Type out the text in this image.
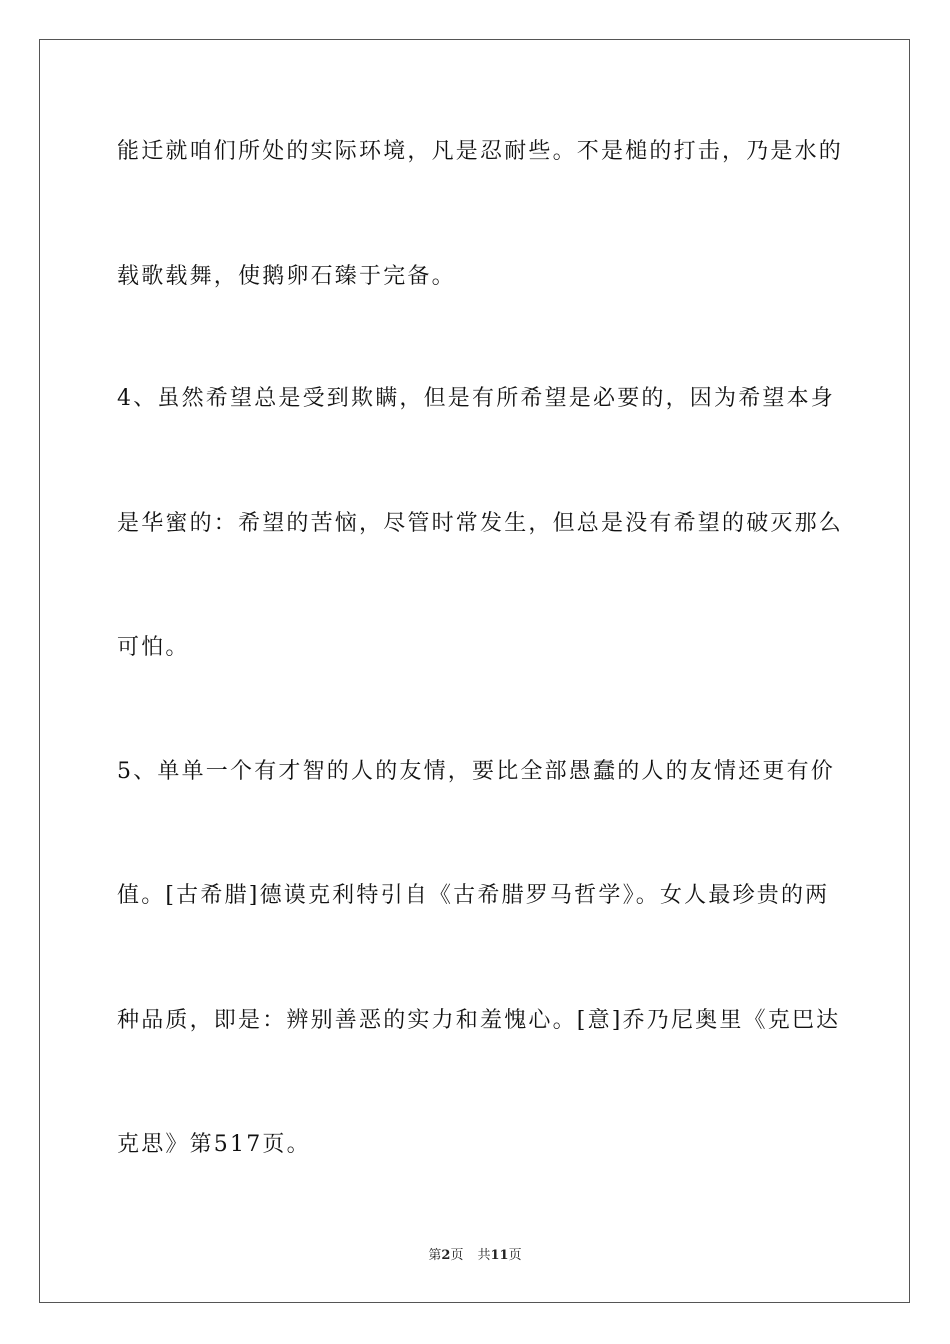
能迁就咱们所处的实际环境，凡是忍耐些。不是槌的打击，乃是水的
载歌载舞，使鹅卵石臻于完备。
4、虽然希望总是受到欺瞒，但是有所希望是必要的，因为希望本身
是华蜜的：希望的苦恼，尽管时常发生，但总是没有希望的破灭那么
可怕。
5、单单一个有才智的人的友情，要比全部愚蠢的人的友情还更有价
值。[古希腊]德谟克利特引自《古希腊罗马哲学》。女人最珍贵的两
种品质，即是：辨别善恶的实力和羞愧心。[意]乔乃尼奥里《克巴达
克思》第517页。
第2页 共11页
